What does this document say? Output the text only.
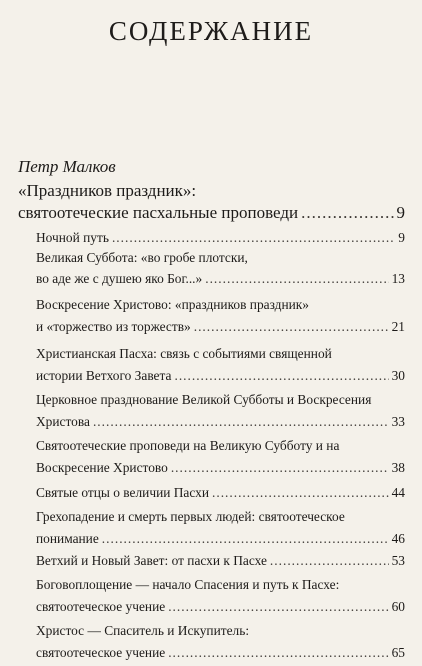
СОДЕРЖАНИЕ
Петр Малков
«Праздников праздник»:
святоотеческие пасхальные проповеди .....	9
Ночной путь .....	9
Великая Суббота: «во гробе плотски,
во аде же с душею яко Бог...» .....	13
Воскресение Христово: «праздников праздник»
и «торжество из торжеств» .....	21
Христианская Пасха: связь с событиями священной
истории Ветхого Завета .....	30
Церковное празднование Великой Субботы и Воскресения
Христова .....	33
Святоотеческие проповеди на Великую Субботу и на
Воскресение Христово .....	38
Святые отцы о величии Пасхи .....	44
Грехопадение и смерть первых людей: святоотеческое
понимание .....	46
Ветхий и Новый Завет: от пасхи к Пасхе .....	53
Боговоплощение — начало Спасения и путь к Пасхе:
святоотеческое учение .....	60
Христос — Спаситель и Искупитель:
святоотеческое учение .....	65
